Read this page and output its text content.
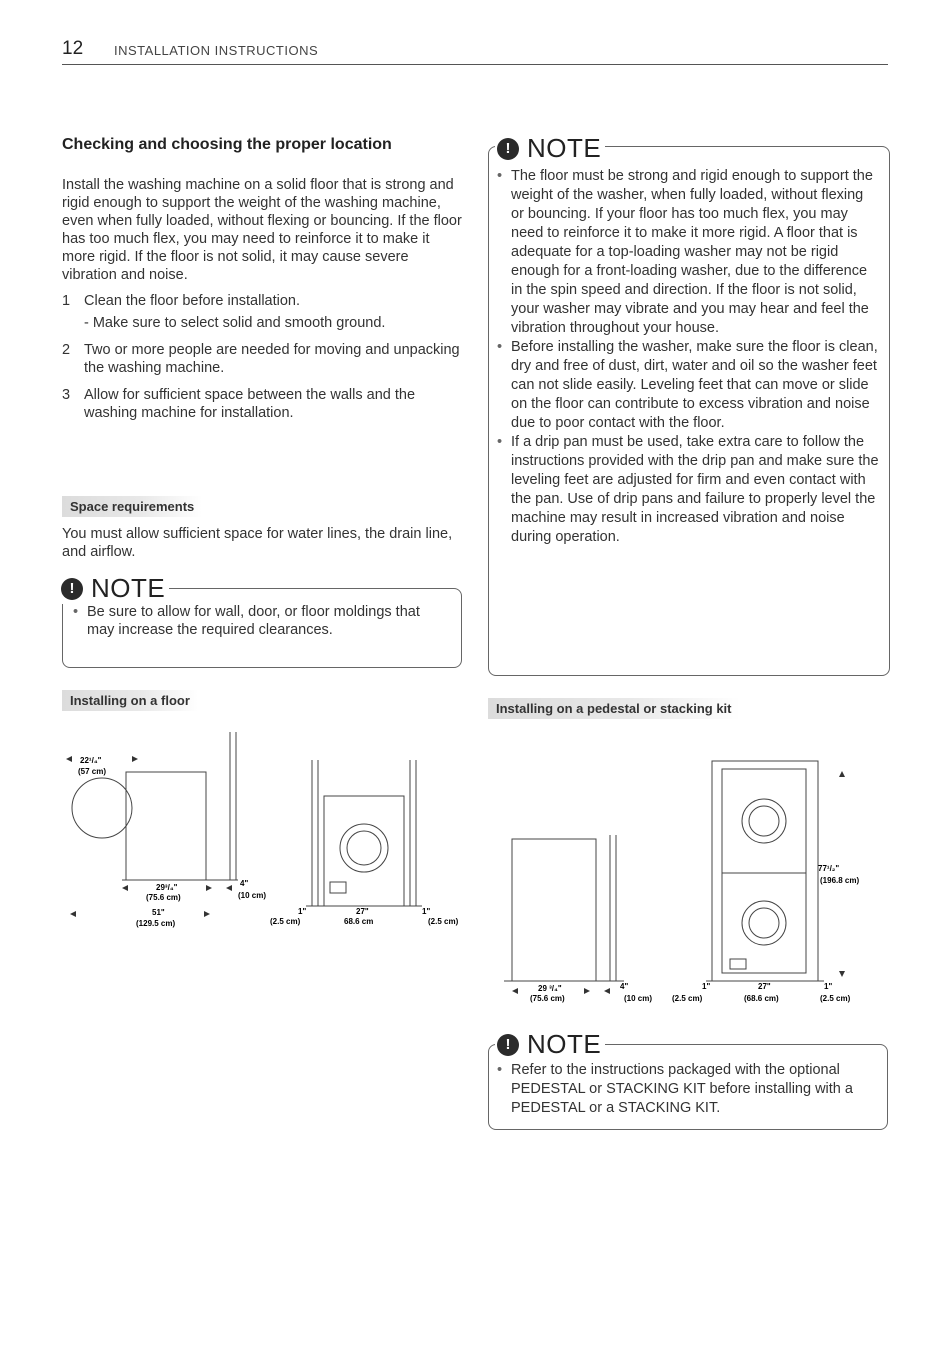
12 INSTALLATION INSTRUCTIONS
Checking and choosing the proper location

Install the washing machine on a solid floor that is strong and rigid enough to support the weight of the washing machine, even when fully loaded, without flexing or bouncing. If the floor has too much flex, you may need to reinforce it to make it more rigid. If the floor is not solid, it may cause severe vibration and noise.

1 Clean the floor before installation.
- Make sure to select solid and smooth ground.
2 Two or more people are needed for moving and unpacking the washing machine.
3 Allow for sufficient space between the walls and the washing machine for installation.
Space requirements

You must allow sufficient space for water lines, the drain line, and airflow.

! NOTE
• Be sure to allow for wall, door, or floor moldings that may increase the required clearances.
! NOTE
• The floor must be strong and rigid enough to support the weight of the washer, when fully loaded, without flexing or bouncing. If your floor has too much flex, you may need to reinforce it to make it more rigid. A floor that is adequate for a top-loading washer may not be rigid enough for a front-loading washer, due to the difference in the spin speed and direction. If the floor is not solid, your washer may vibrate and you may hear and feel the vibration throughout your house.
• Before installing the washer, make sure the floor is clean, dry and free of dust, dirt, water and oil so the washer feet can not slide easily. Leveling feet that can move or slide on the floor can contribute to excess vibration and noise due to poor contact with the floor.
• If a drip pan must be used, take extra care to follow the instructions provided with the drip pan and make sure the leveling feet are adjusted for firm and even contact with the pan. Use of drip pans and failure to properly level the machine may result in increased vibration and noise during operation.
Installing on a floor
22¹/₄"
(57 cm)
29³/₄"
(75.6 cm)
4"
(10 cm)
51"
(129.5 cm)
1"
(2.5 cm)
27"
68.6 cm
1"
(2.5 cm)
Installing on a pedestal or stacking kit
77¹/₂"
(196.8 cm)
29 ³/₄"
(75.6 cm)
4"
(10 cm)
1"
(2.5 cm)
27"
(68.6 cm)
1"
(2.5 cm)
! NOTE
• Refer to the instructions packaged with the optional PEDESTAL or STACKING KIT before installing with a PEDESTAL or a STACKING KIT.
